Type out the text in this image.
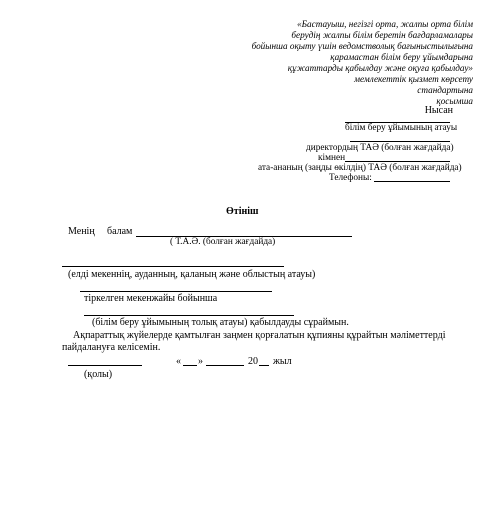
«Бастауыш, негізгі орта, жалпы орта білім
берудің жалпы білім беретін бағдарламалары
бойынша оқыту үшін ведомстволық бағыныстылығына
қарамастан білім беру ұйымдарына
құжаттарды қабылдау және оқуға қабылдау»
мемлекеттік қызмет көрсету
стандартына
қосымша
Нысан
білім беру ұйымының атауы
директордың ТАӘ (болған жағдайда)
кімнен
ата-ананың (заңды өкілдің) ТАӘ (болған жағдайда)
Телефоны:
Өтініш
Менің балам
( Т.А.Ә. (болған жағдайда)
(елді мекеннің, ауданның, қаланың және облыстың атауы)
тіркелген мекенжайы бойынша
(білім беру ұйымының толық атауы) қабылдауды сұраймын.
Ақпараттық жүйелерде қамтылған заңмен қорғалатын құпияны құрайтын мәліметтерді
пайдалануға келісемін.
« »	20 жыл
(қолы)
